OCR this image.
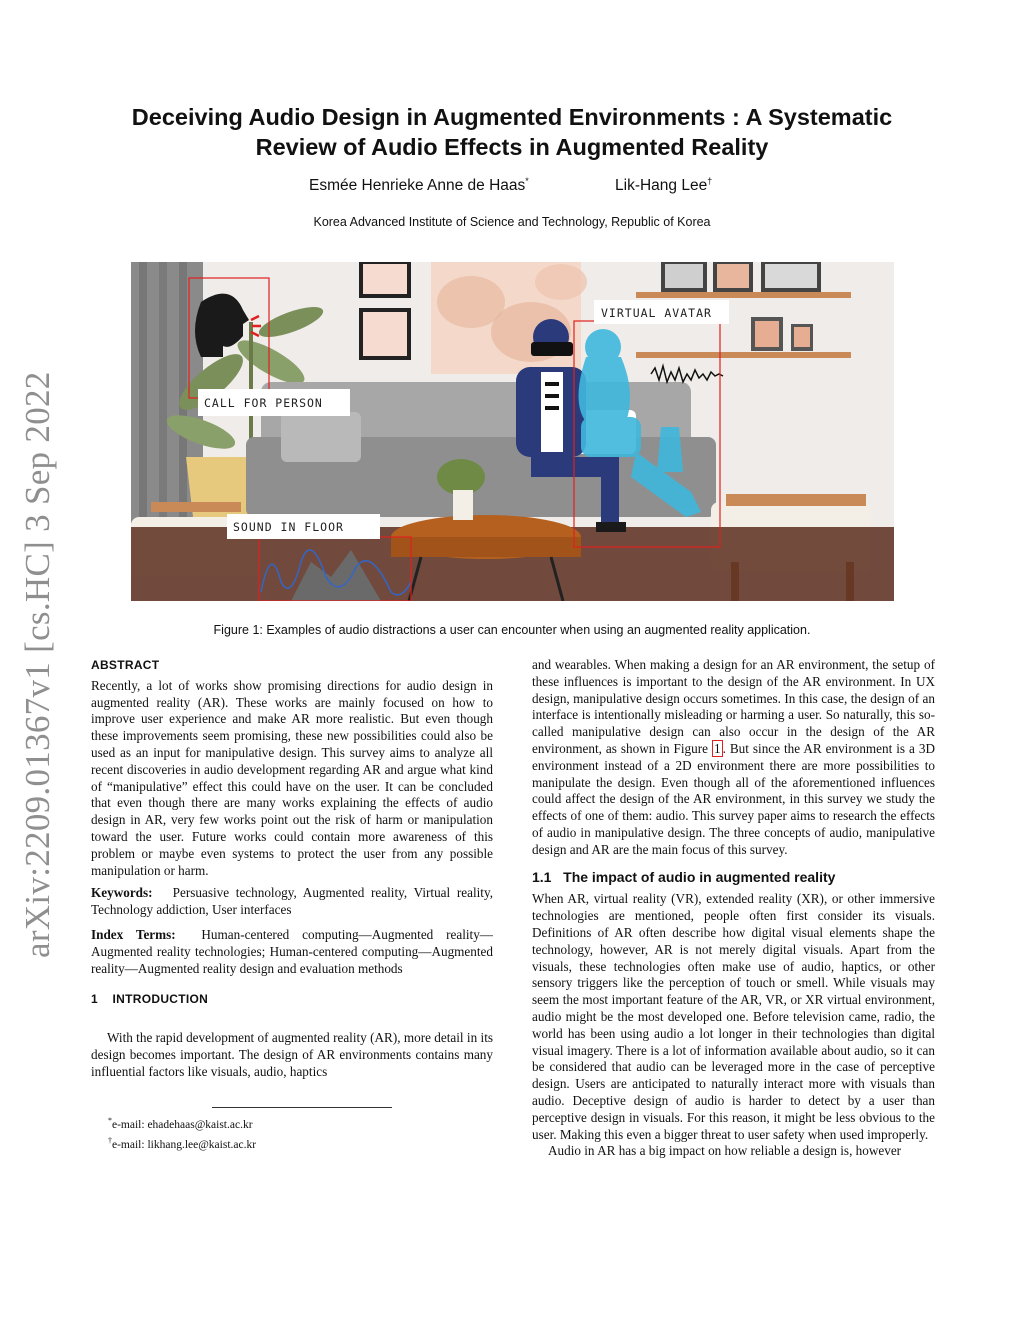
arXiv:2209.01367v1 [cs.HC] 3 Sep 2022
Deceiving Audio Design in Augmented Environments : A Systematic
Review of Audio Effects in Augmented Reality
Esmée Henrieke Anne de Haas*	Lik-Hang Lee†
Korea Advanced Institute of Science and Technology, Republic of Korea
VIRTUAL AVATAR
CALL FOR PERSON
SOUND IN FLOOR
Figure 1: Examples of audio distractions a user can encounter when using an augmented reality application.
ABSTRACT

Recently, a lot of works show promising directions for audio design in augmented reality (AR). These works are mainly focused on how to improve user experience and make AR more realistic. But even though these improvements seem promising, these new possibilities could also be used as an input for manipulative design. This survey aims to analyze all recent discoveries in audio development regarding AR and argue what kind of “manipulative” effect this could have on the user. It can be concluded that even though there are many works explaining the effects of audio design in AR, very few works point out the risk of harm or manipulation toward the user. Future works could contain more awareness of this problem or maybe even systems to protect the user from any possible manipulation or harm.

Keywords: Persuasive technology, Augmented reality, Virtual reality, Technology addiction, User interfaces

Index Terms: Human-centered computing—Augmented reality—Augmented reality technologies; Human-centered computing—Augmented reality—Augmented reality design and evaluation methods

1 INTRODUCTION

With the rapid development of augmented reality (AR), more detail in its design becomes important. The design of AR environments contains many influential factors like visuals, audio, haptics

*e-mail: ehadehaas@kaist.ac.kr
†e-mail: likhang.lee@kaist.ac.kr

and wearables. When making a design for an AR environment, the setup of these influences is important to the design of the AR environment. In UX design, manipulative design occurs sometimes. In this case, the design of an interface is intentionally misleading or harming a user. So naturally, this so-called manipulative design can also occur in the design of the AR environment, as shown in Figure 1 . But since the AR environment is a 3D environment instead of a 2D environment there are more possibilities to manipulate the design. Even though all of the aforementioned influences could affect the design of the AR environment, in this survey we study the effects of one of them: audio. This survey paper aims to research the effects of audio in manipulative design. The three concepts of audio, manipulative design and AR are the main focus of this survey.

1.1 The impact of audio in augmented reality

When AR, virtual reality (VR), extended reality (XR), or other immersive technologies are mentioned, people often first consider its visuals. Definitions of AR often describe how digital visual elements shape the technology, however, AR is not merely digital visuals. Apart from the visuals, these technologies often make use of audio, haptics, or other sensory triggers like the perception of touch or smell. While visuals may seem the most important feature of the AR, VR, or XR virtual environment, audio might be the most developed one. Before television came, radio, the world has been using audio a lot longer in their technologies than digital visual imagery. There is a lot of information available about audio, so it can be considered that audio can be leveraged more in the case of perceptive design. Users are anticipated to naturally interact more with visuals than audio. Deceptive design of audio is harder to detect by a user than perceptive design in visuals. For this reason, it might be less obvious to the user. Making this even a bigger threat to user safety when used improperly.

Audio in AR has a big impact on how reliable a design is, however
